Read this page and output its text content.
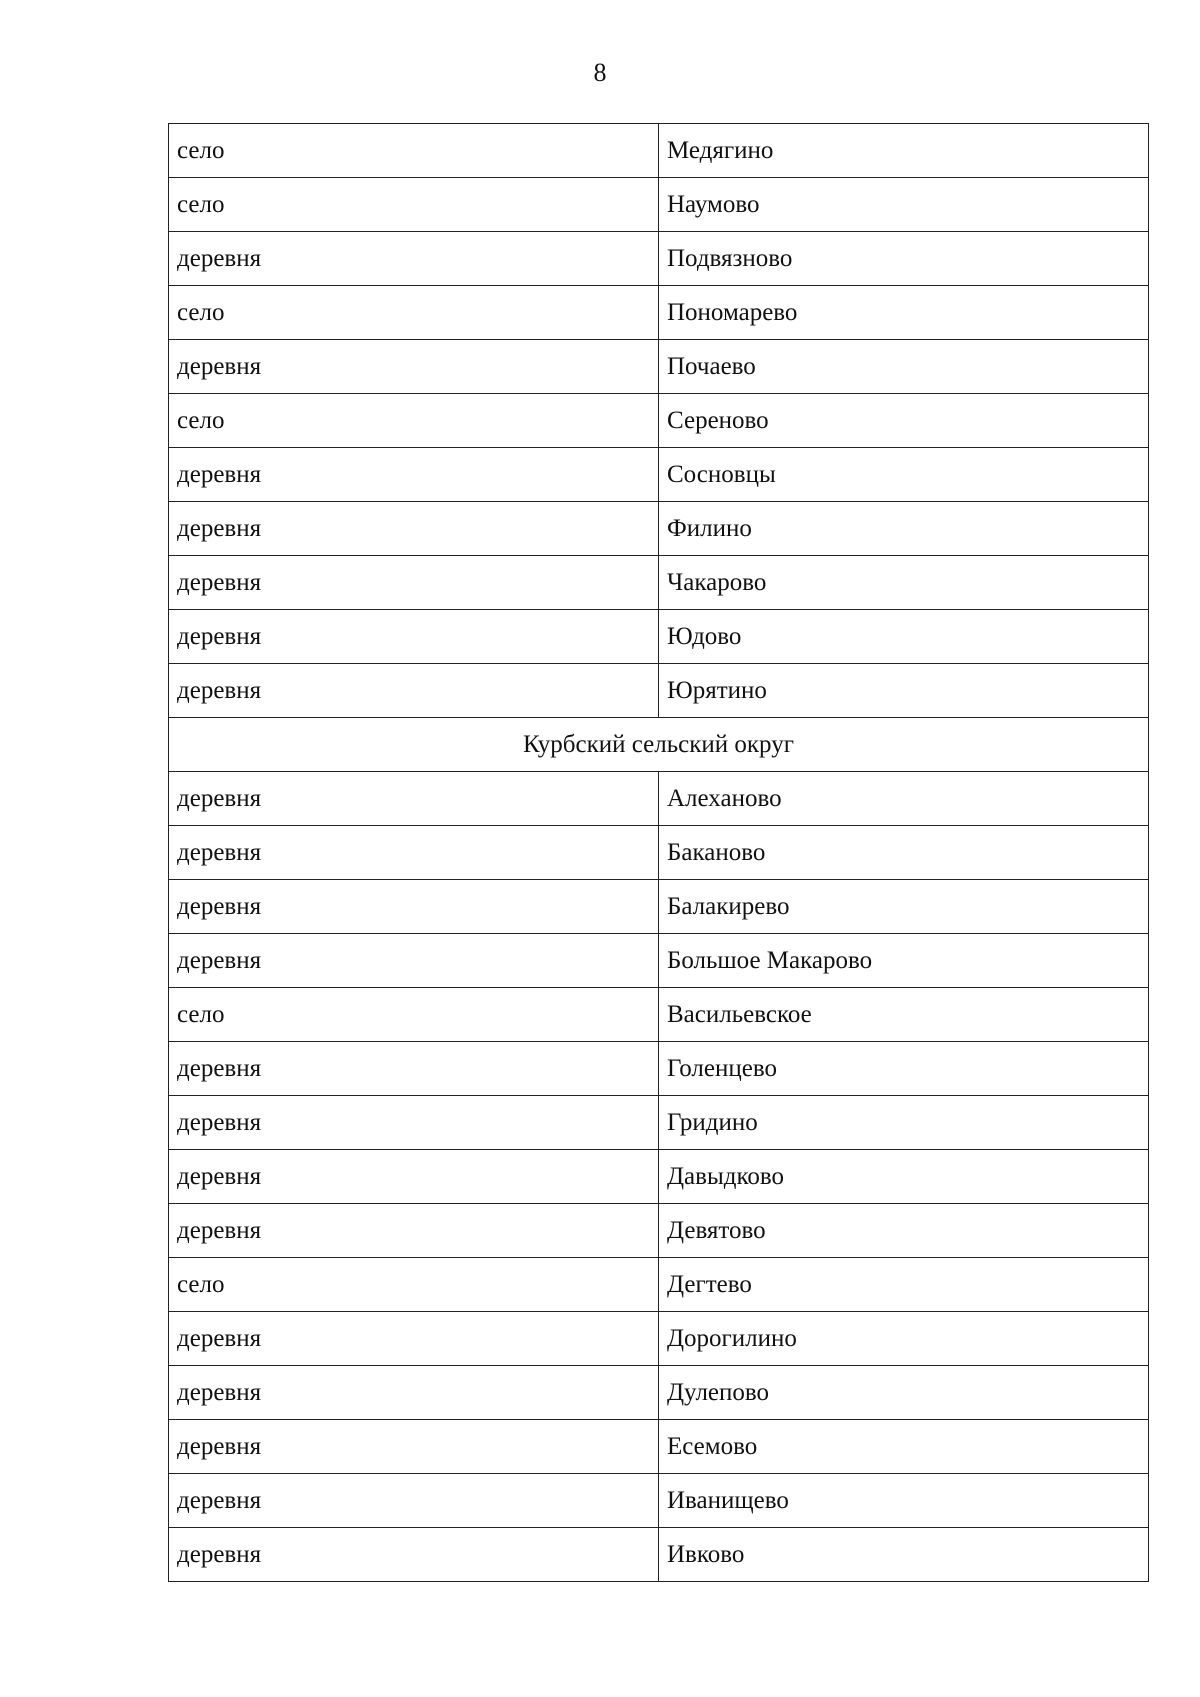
8
село	Медягино
село	Наумово
деревня	Подвязново
село	Пономарево
деревня	Почаево
село	Сереново
деревня	Сосновцы
деревня	Филино
деревня	Чакарово
деревня	Юдово
деревня	Юрятино
Курбский сельский округ	
деревня	Алеханово
деревня	Баканово
деревня	Балакирево
деревня	Большое Макарово
село	Васильевское
деревня	Голенцево
деревня	Гридино
деревня	Давыдково
деревня	Девятово
село	Дегтево
деревня	Дорогилино
деревня	Дулепово
деревня	Есемово
деревня	Иванищево
деревня	Ивково
